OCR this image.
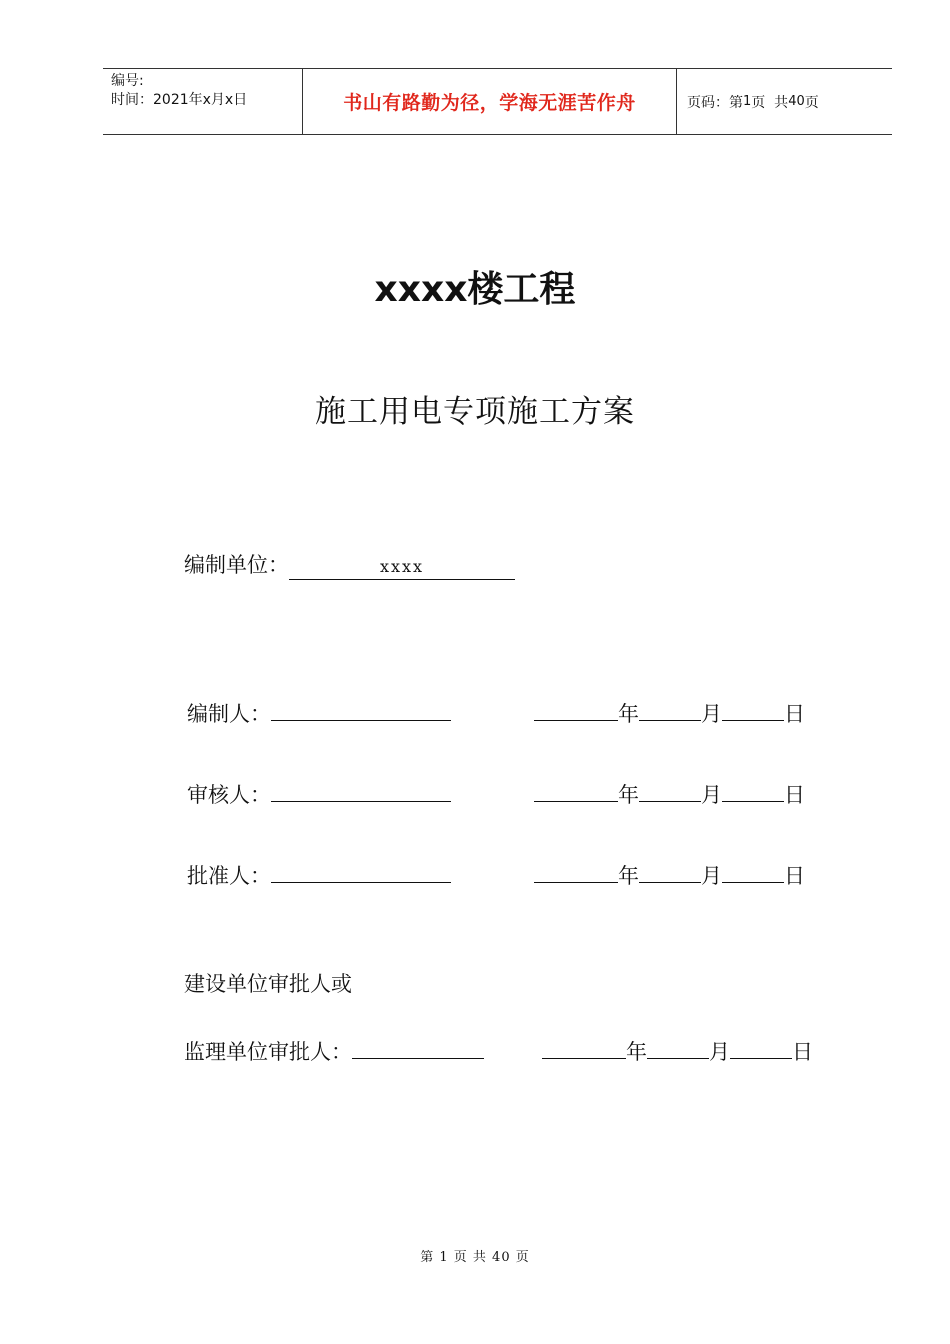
编号:
时间：2021年x月x日	书山有路勤为径，学海无涯苦作舟	页码：第 1 页  共 40 页
xxxx楼工程
施工用电专项施工方案
编制单位：	xxxx
编制人：	年	月	日
审核人：	年	月	日
批准人：	年	月	日
建设单位审批人或
监理单位审批人：	年	月	日
第 1 页 共 40 页
